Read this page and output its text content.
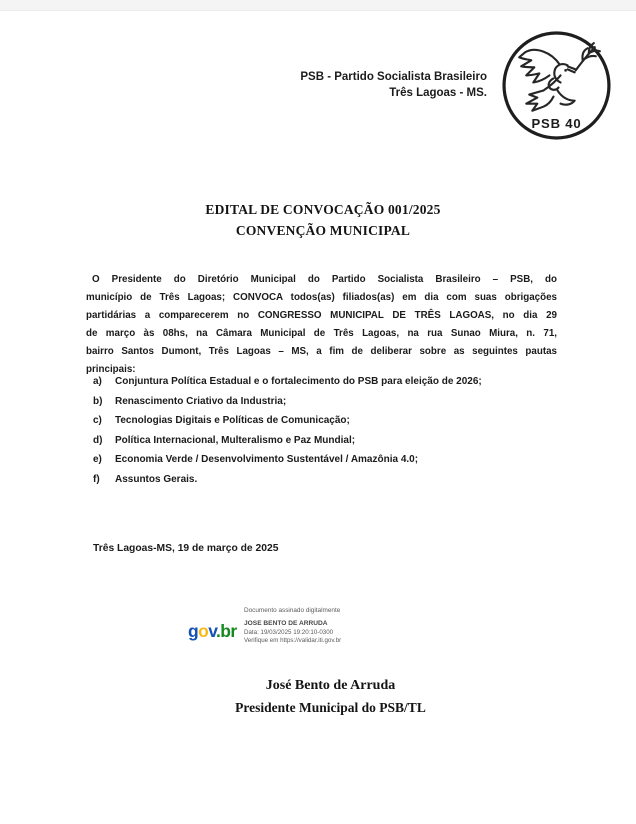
PSB - Partido Socialista Brasileiro
Três Lagoas - MS.
PSB 40
EDITAL DE CONVOCAÇÃO 001/2025
CONVENÇÃO MUNICIPAL
O Presidente do Diretório Municipal do Partido Socialista Brasileiro – PSB, do
município de Três Lagoas; CONVOCA todos(as) filiados(as) em dia com suas obrigações
partidárias a comparecerem no CONGRESSO MUNICIPAL DE TRÊS LAGOAS, no dia 29
de março às 08hs, na Câmara Municipal de Três Lagoas, na rua Sunao Miura, n. 71,
bairro Santos Dumont, Três Lagoas – MS, a fim de deliberar sobre as seguintes pautas
principais:
a)	Conjuntura Política Estadual e o fortalecimento do PSB para eleição de 2026;
b)	Renascimento Criativo da Industria;
c)	Tecnologias Digitais e Políticas de Comunicação;
d)	Política Internacional, Multeralismo e Paz Mundial;
e)	Economia Verde / Desenvolvimento Sustentável / Amazônia 4.0;
f)	Assuntos Gerais.
Três Lagoas-MS, 19 de março de 2025
Documento assinado digitalmente
gov.br	JOSE BENTO DE ARRUDA
Data: 19/03/2025 19:20:10-0300
Verifique em https://validar.iti.gov.br
José Bento de Arruda
Presidente Municipal do PSB/TL
